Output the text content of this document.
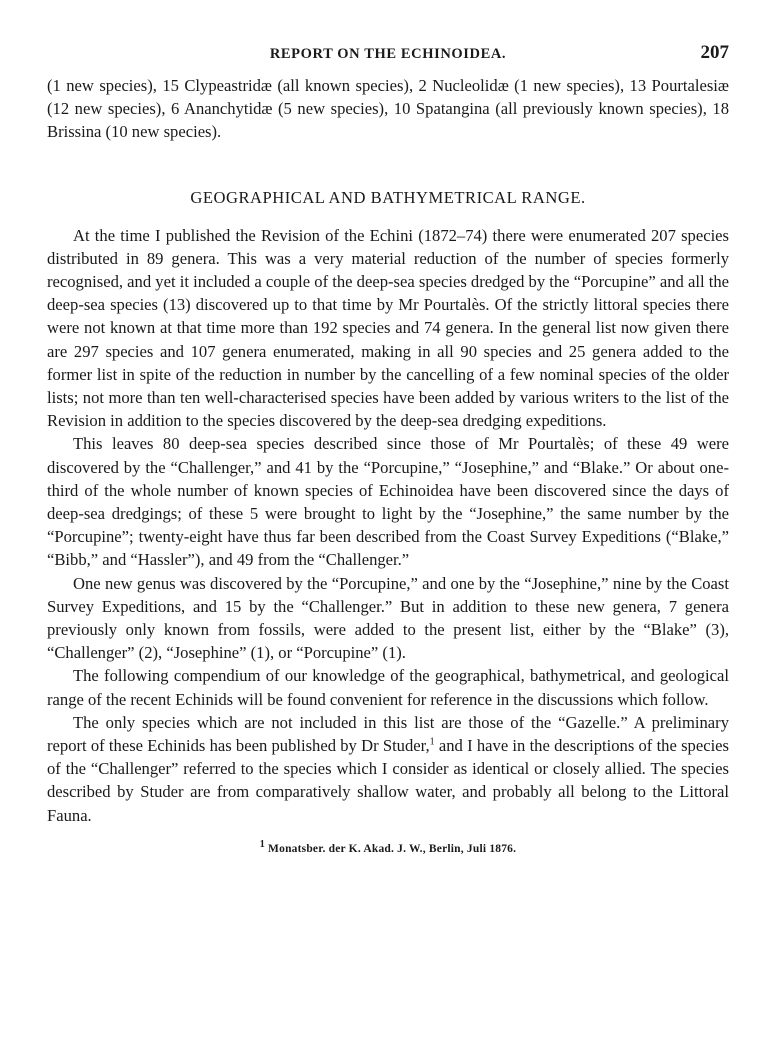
REPORT ON THE ECHINOIDEA.	207

(1 new species), 15 Clypeastridæ (all known species), 2 Nucleolidæ (1 new species), 13 Pourtalesiæ (12 new species), 6 Ananchytidæ (5 new species), 10 Spatangina (all previously known species), 18 Brissina (10 new species).

GEOGRAPHICAL AND BATHYMETRICAL RANGE.

At the time I published the Revision of the Echini (1872–74) there were enumerated 207 species distributed in 89 genera. This was a very material reduction of the number of species formerly recognised, and yet it included a couple of the deep-sea species dredged by the “Porcupine” and all the deep-sea species (13) discovered up to that time by Mr Pourtalès. Of the strictly littoral species there were not known at that time more than 192 species and 74 genera. In the general list now given there are 297 species and 107 genera enumerated, making in all 90 species and 25 genera added to the former list in spite of the reduction in number by the cancelling of a few nominal species of the older lists; not more than ten well-characterised species have been added by various writers to the list of the Revision in addition to the species discovered by the deep-sea dredging expeditions.

This leaves 80 deep-sea species described since those of Mr Pourtalès; of these 49 were discovered by the “Challenger,” and 41 by the “Porcupine,” “Josephine,” and “Blake.” Or about one-third of the whole number of known species of Echinoidea have been discovered since the days of deep-sea dredgings; of these 5 were brought to light by the “Josephine,” the same number by the “Porcupine”; twenty-eight have thus far been described from the Coast Survey Expeditions (“Blake,” “Bibb,” and “Hassler”), and 49 from the “Challenger.”

One new genus was discovered by the “Porcupine,” and one by the “Josephine,” nine by the Coast Survey Expeditions, and 15 by the “Challenger.” But in addition to these new genera, 7 genera previously only known from fossils, were added to the present list, either by the “Blake” (3), “Challenger” (2), “Josephine” (1), or “Porcupine” (1).

The following compendium of our knowledge of the geographical, bathymetrical, and geological range of the recent Echinids will be found convenient for reference in the discussions which follow.

The only species which are not included in this list are those of the “Gazelle.” A preliminary report of these Echinids has been published by Dr Studer,$^1$ and I have in the descriptions of the species of the “Challenger” referred to the species which I consider as identical or closely allied. The species described by Studer are from comparatively shallow water, and probably all belong to the Littoral Fauna.

$^1$ Monatsber. der K. Akad. J. W., Berlin, Juli 1876.
